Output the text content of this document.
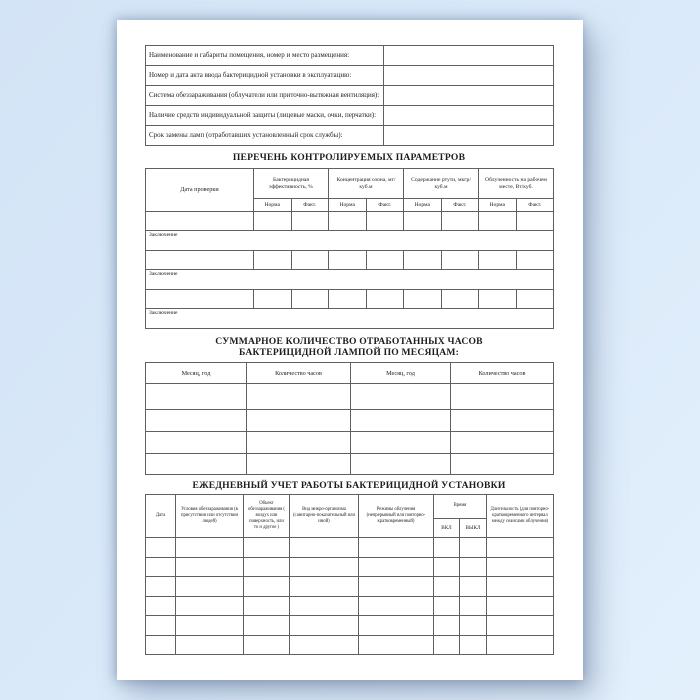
Наименование и габариты помещения, номер и место размещения:	
Номер и дата акта ввода бактерицидной установки в эксплуатацию:	
Система обеззараживания (облучатели или приточно-вытяжная вентиляция):	
Наличие средств индивидуальной защиты (лицевые маски, очки, перчатки):	
Срок замены ламп (отработавших установленный срок службы):	
ПЕРЕЧЕНЬ КОНТРОЛИРУЕМЫХ ПАРАМЕТРОВ
Дата проверки	Бактерицидная эффективность, %		Концентрация озона, мг/ куб.м		Содержание ртути, мкгр/ куб.м		Облученность на рабочем месте, Вт/куб.	
	Норма	Факт.	Норма	Факт.	Норма	Факт.	Норма	Факт.

Заключение								

Заключение								

Заключение								
СУММАРНОЕ КОЛИЧЕСТВО ОТРАБОТАННЫХ ЧАСОВ
БАКТЕРИЦИДНОЙ ЛАМПОЙ ПО МЕСЯЦАМ:
Месяц, год	Количество часов	Месяц, год	Количество часов

ЕЖЕДНЕВНЫЙ УЧЕТ РАБОТЫ БАКТЕРИЦИДНОЙ УСТАНОВКИ
Дата	Условия обеззараживания (в присутствии или отсутствии людей)	Объект обеззараживания ( воздух или поверхность, или то и другое )	Вид микро-организма (санитарно-показательный или иной)	Режимы облучения (непрерывный или повторно-кратковременный)	Время		Длительность (для повторно-кратковременного интервал между сеансами облучения)
					ВКЛ	ВЫКЛ	
